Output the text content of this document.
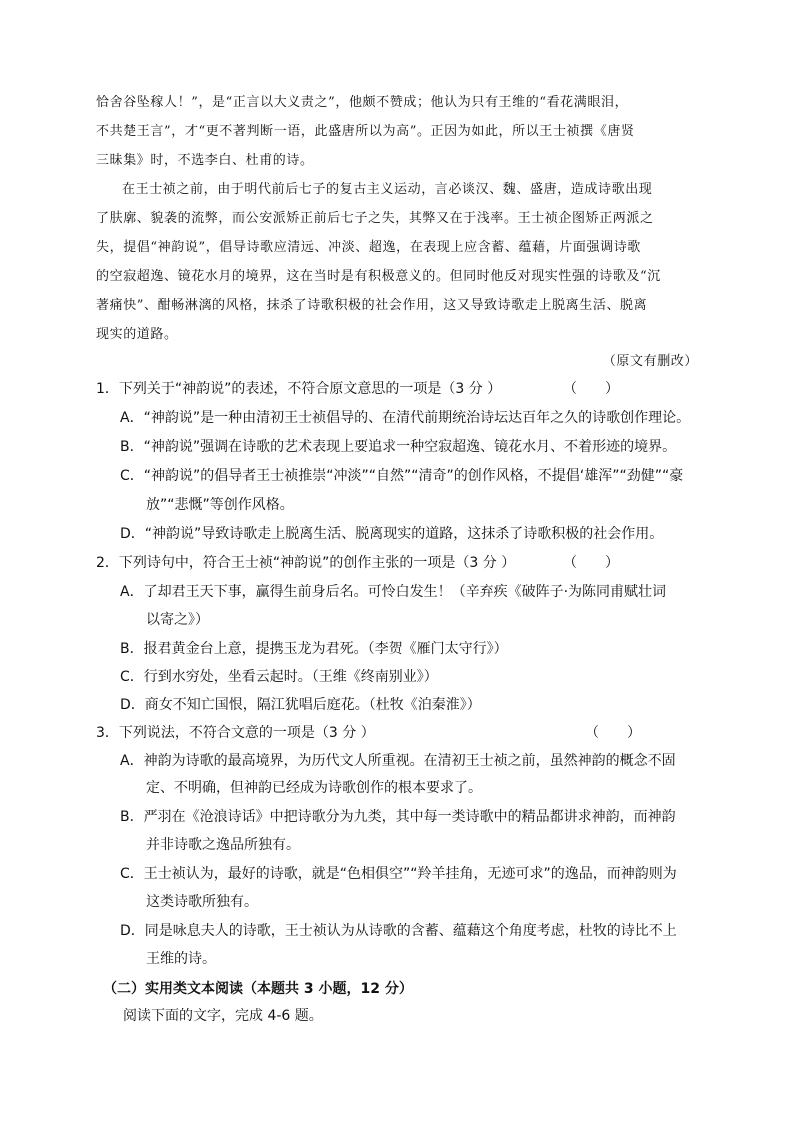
恰舍谷坠稼人！”，是“正言以大义责之”，他颇不赞成；他认为只有王维的“看花满眼泪，
不共楚王言”，才“更不著判断一语，此盛唐所以为高”。正因为如此，所以王士祯撰《唐贤
三昧集》时，不选李白、杜甫的诗。
在王士祯之前，由于明代前后七子的复古主义运动，言必谈汉、魏、盛唐，造成诗歌出现
了肤廓、貌袭的流弊，而公安派矫正前后七子之失，其弊又在于浅率。王士祯企图矫正两派之
失，提倡“神韵说”，倡导诗歌应清远、冲淡、超逸，在表现上应含蓄、蕴藉，片面强调诗歌
的空寂超逸、镜花水月的境界，这在当时是有积极意义的。但同时他反对现实性强的诗歌及“沉
著痛快”、酣畅淋漓的风格，抹杀了诗歌积极的社会作用，这又导致诗歌走上脱离生活、脱离
现实的道路。
（原文有删改）
1．下列关于“神韵说”的表述，不符合原文意思的一项是（3 分 ）	（　　）
A．“神韵说”是一种由清初王士祯倡导的、在清代前期统治诗坛达百年之久的诗歌创作理论。
B．“神韵说”强调在诗歌的艺术表现上要追求一种空寂超逸、镜花水月、不着形迹的境界。
C．“神韵说”的倡导者王士祯推崇“冲淡”“自然”“清奇”的创作风格，不提倡‘雄浑”“劲健”“豪
放”“悲慨”等创作风格。
D．“神韵说”导致诗歌走上脱离生活、脱离现实的道路，这抹杀了诗歌积极的社会作用。
2．下列诗句中，符合王士祯“神韵说”的创作主张的一项是（3 分 ）	（　　）
A．了却君王天下事，赢得生前身后名。可怜白发生！（辛弃疾《破阵子·为陈同甫赋壮词
以寄之》）
B．报君黄金台上意，提携玉龙为君死。（李贺《雁门太守行》）
C．行到水穷处，坐看云起时。（王维《终南别业》）
D．商女不知亡国恨，隔江犹唱后庭花。（杜牧《泊秦淮》）
3．下列说法，不符合文意的一项是（3 分 ）	（　　）
A．神韵为诗歌的最高境界，为历代文人所重视。在清初王士祯之前，虽然神韵的概念不固
定、不明确，但神韵已经成为诗歌创作的根本要求了。
B．严羽在《沧浪诗话》中把诗歌分为九类，其中每一类诗歌中的精品都讲求神韵，而神韵
并非诗歌之逸品所独有。
C．王士祯认为，最好的诗歌，就是“色相俱空”“羚羊挂角，无迹可求”的逸品，而神韵则为
这类诗歌所独有。
D．同是咏息夫人的诗歌，王士祯认为从诗歌的含蓄、蕴藉这个角度考虑，杜牧的诗比不上
王维的诗。
（二）实用类文本阅读（本题共 3 小题，12 分）
阅读下面的文字，完成 4-6 题。
